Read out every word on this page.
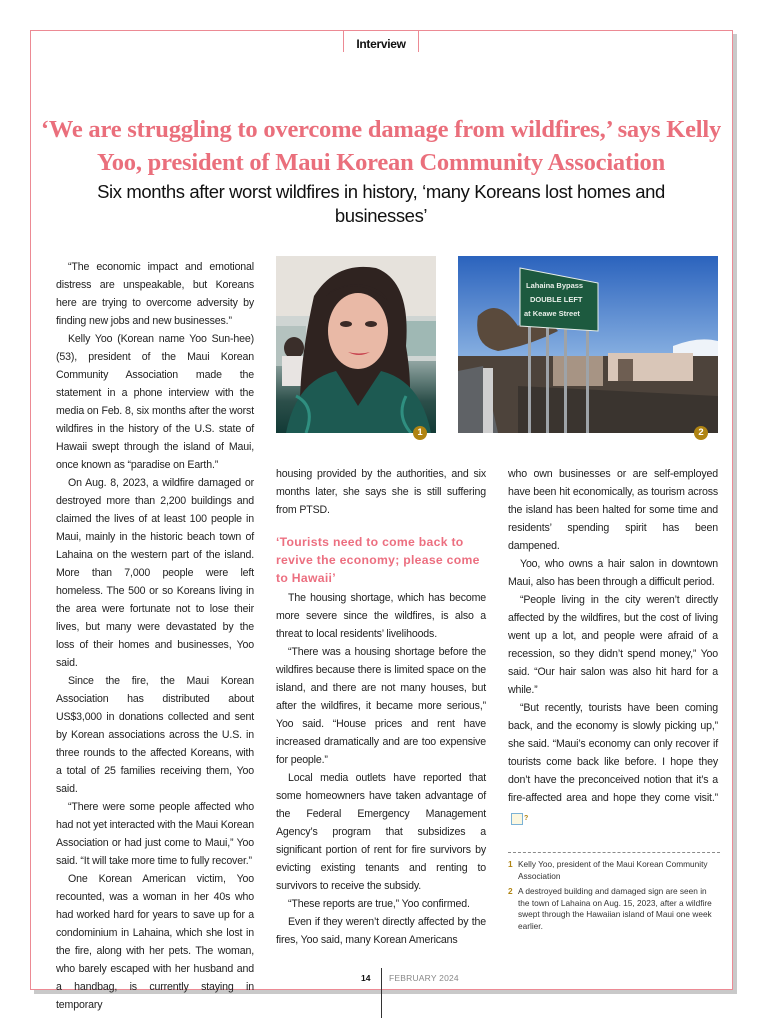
Interview
‘We are struggling to overcome damage from wildfires,’ says Kelly Yoo, president of Maui Korean Community Association
Six months after worst wildfires in history, ‘many Koreans lost homes and businesses’

“The economic impact and emotional distress are unspeakable, but Koreans here are trying to overcome adversity by finding new jobs and new businesses.”

Kelly Yoo (Korean name Yoo Sun-hee) (53), president of the Maui Korean Community Association made the statement in a phone interview with the media on Feb. 8, six months after the worst wildfires in the history of the U.S. state of Hawaii swept through the island of Maui, once known as “paradise on Earth.”

On Aug. 8, 2023, a wildfire damaged or destroyed more than 2,200 buildings and claimed the lives of at least 100 people in Maui, mainly in the historic beach town of Lahaina on the western part of the island. More than 7,000 people were left homeless. The 500 or so Koreans living in the area were fortunate not to lose their lives, but many were devastated by the loss of their homes and businesses, Yoo said.

Since the fire, the Maui Korean Association has distributed about US$3,000 in donations collected and sent by Korean associations across the U.S. in three rounds to the affected Koreans, with a total of 25 families receiving them, Yoo said.

“There were some people affected who had not yet interacted with the Maui Korean Association or had just come to Maui,” Yoo said. “It will take more time to fully recover.”

One Korean American victim, Yoo recounted, was a woman in her 40s who had worked hard for years to save up for a condominium in Lahaina, which she lost in the fire, along with her pets. The woman, who barely escaped with her husband and a handbag, is currently staying in temporary

1
Lahaina Bypass
DOUBLE LEFT
at Keawe Street
2

housing provided by the authorities, and six months later, she says she is still suffering from PTSD.

‘Tourists need to come back to revive the economy; please come to Hawaii’

The housing shortage, which has become more severe since the wildfires, is also a threat to local residents’ livelihoods.

“There was a housing shortage before the wildfires because there is limited space on the island, and there are not many houses, but after the wildfires, it became more serious,” Yoo said. “House prices and rent have increased dramatically and are too expensive for people.”

Local media outlets have reported that some homeowners have taken advantage of the Federal Emergency Management Agency’s program that subsidizes a significant portion of rent for fire survivors by evicting existing tenants and renting to survivors to receive the subsidy.

“These reports are true,” Yoo confirmed.

Even if they weren’t directly affected by the fires, Yoo said, many Korean Americans

who own businesses or are self-employed have been hit economically, as tourism across the island has been halted for some time and residents’ spending spirit has been dampened.

Yoo, who owns a hair salon in downtown Maui, also has been through a difficult period.

“People living in the city weren’t directly affected by the wildfires, but the cost of living went up a lot, and people were afraid of a recession, so they didn’t spend money,” Yoo said. “Our hair salon was also hit hard for a while.”

“But recently, tourists have been coming back, and the economy is slowly picking up,” she said. “Maui’s economy can only recover if tourists come back like before. I hope they don’t have the preconceived notion that it’s a fire-affected area and hope they come visit.”?

1 Kelly Yoo, president of the Maui Korean Community Association
2 A destroyed building and damaged sign are seen in the town of Lahaina on Aug. 15, 2023, after a wildfire swept through the Hawaiian island of Maui one week earlier.
14 FEBRUARY 2024
